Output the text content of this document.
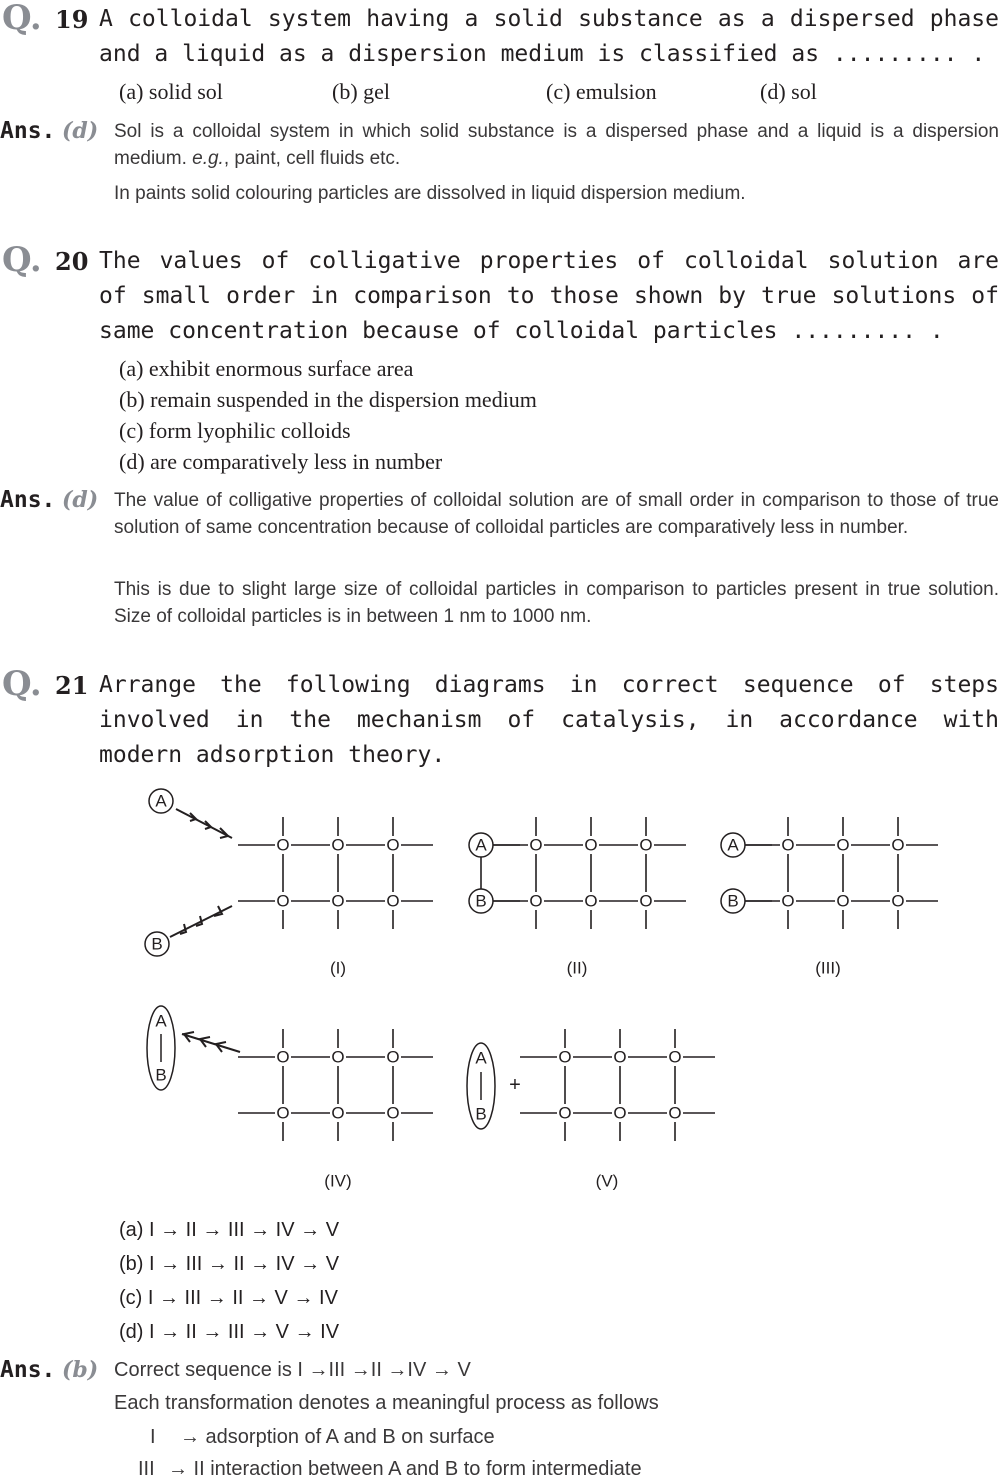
Q. 19 A colloidal system having a solid substance as a dispersed phase and a liquid as a dispersion medium is classified as ......... .
(a) solid sol	(b) gel	(c) emulsion	(d) sol
Ans. (d) Sol is a colloidal system in which solid substance is a dispersed phase and a liquid is a dispersion medium. e.g., paint, cell fluids etc.
In paints solid colouring particles are dissolved in liquid dispersion medium.
Q. 20 The values of colligative properties of colloidal solution are of small order in comparison to those shown by true solutions of same concentration because of colloidal particles ......... .
(a) exhibit enormous surface area
(b) remain suspended in the dispersion medium
(c) form lyophilic colloids
(d) are comparatively less in number
Ans. (d) The value of colligative properties of colloidal solution are of small order in comparison to those of true solution of same concentration because of colloidal particles are comparatively less in number.
This is due to slight large size of colloidal particles in comparison to particles present in true solution. Size of colloidal particles is in between 1 nm to 1000 nm.
Q. 21 Arrange the following diagrams in correct sequence of steps involved in the mechanism of catalysis, in accordance with modern adsorption theory.
O O O
O O O
O O O
O O O
O O O
O O O
O O O
O O O
O O O
O O O
A
B
A
B
A
B
A
B
A
B
+
(I)	(II)	(III)
(IV)	(V)
(a) I → II → III → IV → V
(b) I → III → II → IV → V
(c) I → III → II → V → IV
(d) I → II → III → V → IV
Ans. (b) Correct sequence is I →III →II →IV → V
Each transformation denotes a meaningful process as follows
I → adsorption of A and B on surface
III → II interaction between A and B to form intermediate
